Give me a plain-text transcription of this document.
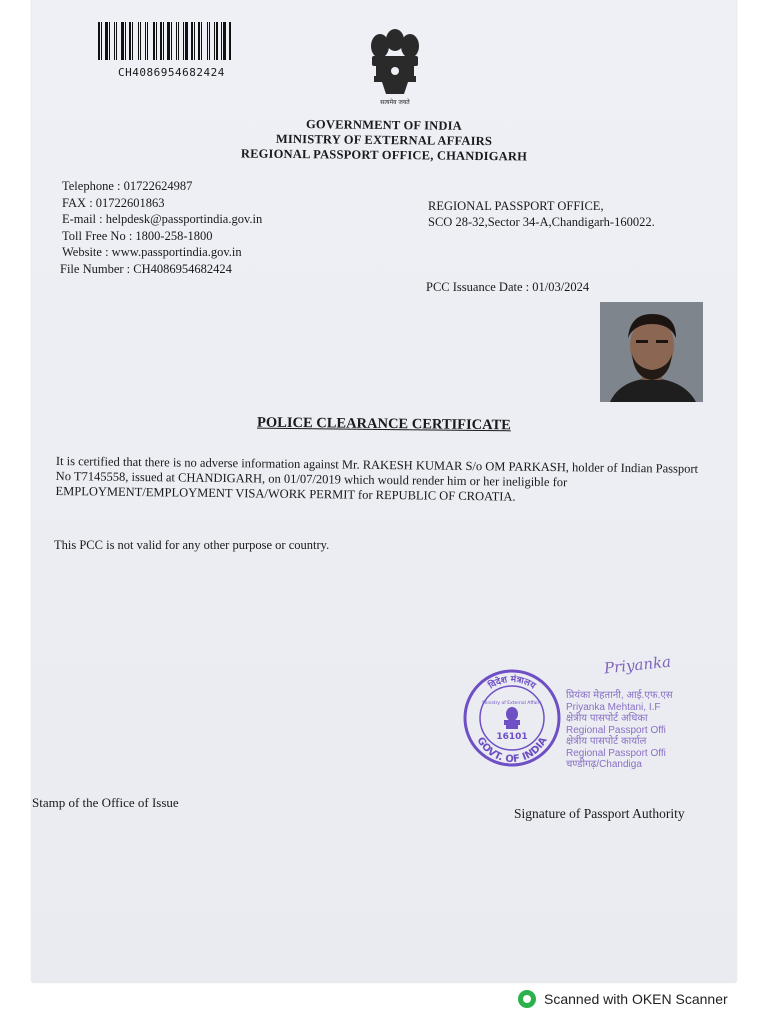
CH4086954682424
सत्यमेव जयते
GOVERNMENT OF INDIA
MINISTRY OF EXTERNAL AFFAIRS
REGIONAL PASSPORT OFFICE, CHANDIGARH
Telephone : 01722624987
FAX : 01722601863
E-mail : helpdesk@passportindia.gov.in
Toll Free No : 1800-258-1800
Website : www.passportindia.gov.in
File Number : CH4086954682424
REGIONAL PASSPORT OFFICE,
SCO 28-32,Sector 34-A,Chandigarh-160022.
PCC Issuance Date : 01/03/2024
POLICE CLEARANCE CERTIFICATE
It is certified that there is no adverse information against Mr. RAKESH KUMAR S/o OM PARKASH, holder of Indian Passport No T7145558, issued at CHANDIGARH, on 01/07/2019 which would render him or her ineligible for EMPLOYMENT/EMPLOYMENT VISA/WORK PERMIT for REPUBLIC OF CROATIA.
This PCC is not valid for any other purpose or country.
विदेश मंत्रालय
GOVT. OF INDIA
Ministry of External Affairs
16101
Priyanka
प्रियंका मेहतानी, आई.एफ.एस
Priyanka Mehtani, I.F
क्षेत्रीय पासपोर्ट अधिका
Regional Passport Offi
क्षेत्रीय पासपोर्ट कार्याल
Regional Passport Offi
चण्डीगढ़/Chandiga
Stamp of the Office of Issue
Signature of Passport Authority
Scanned with OKEN Scanner
